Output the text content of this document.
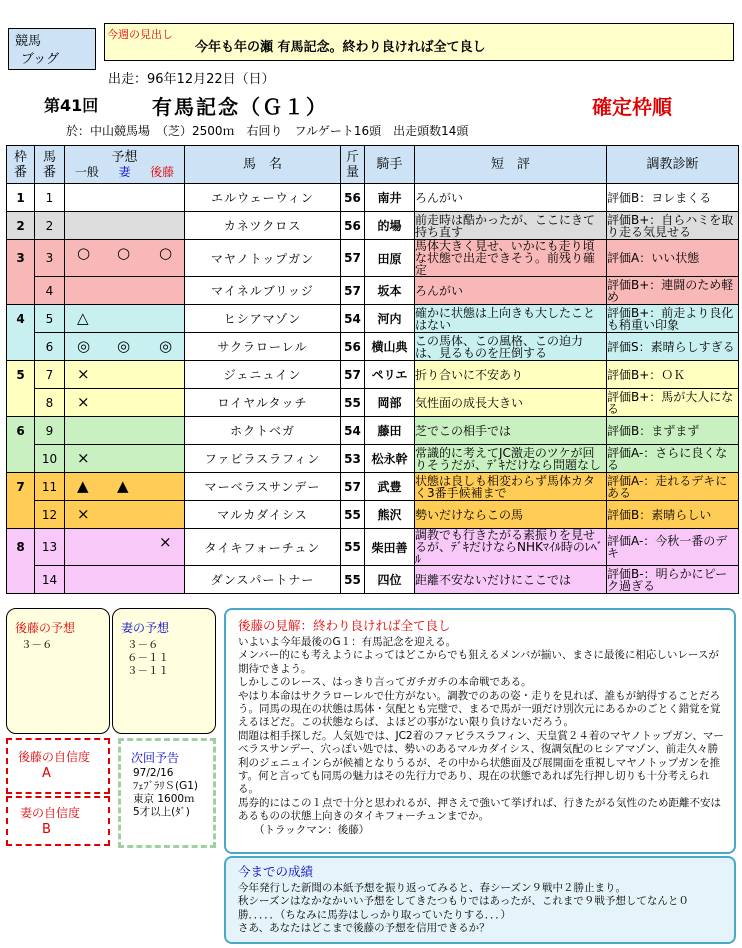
競馬
ブッグ
今週の見出し
今年も年の瀬 有馬記念。終わり良ければ全て良し
出走：96年12月22日（日）
第41回	有馬記念（Ｇ１）	確定枠順
於：中山競馬場　（芝）2500ｍ　右回り　フルゲート16頭　出走頭数14頭
枠番	馬番	予想
一般 妻 後藤	馬　名	斤量	騎手	短　評	調教診断
1	1		エルウェーウィン	56	南井	ろんがい	評価B：ヨレまくる
2	2		カネツクロス	56	的場	前走時は酷かったが、ここにきて持ち直す	評価B+：自らハミを取り走る気見せる
3	3	○ ○ ○	マヤノトップガン	57	田原	馬体大きく見せ、いかにも走り頃な状態で出走できそう。前残り確定	評価A：いい状態
	4		マイネルブリッジ	57	坂本	ろんがい	評価B+：連闘のため軽め
4	5	△	ヒシアマゾン	54	河内	確かに状態は上向きも大したことはない	評価B+：前走より良化も稍重い印象
	6	◎ ◎ ◎	サクラローレル	56	横山典	この馬体、この風格、この迫力は、見るものを圧倒する	評価S：素晴らしすぎる
5	7	×	ジェニュイン	57	ペリエ	折り合いに不安あり	評価B+：ＯＫ
	8	×	ロイヤルタッチ	55	岡部	気性面の成長大きい	評価B+：馬が大人になる
6	9		ホクトベガ	54	藤田	芝でこの相手では	評価B：まずまず
	10	×	ファビラスラフィン	53	松永幹	常識的に考えてJC激走のツケが回りそうだが、ﾃﾞｷだけなら問題なし	評価A-：さらに良くなる
7	11	▲ ▲	マーベラスサンデー	57	武豊	状態は良しも相変わらず馬体カタく3番手候補まで	評価A-：走れるデキにある
	12	×	マルカダイシス	55	熊沢	勢いだけならこの馬	評価B：素晴らしい
8	13	×	タイキフォーチュン	55	柴田善	調教でも行きたがる素振りを見せるが、ﾃﾞｷだけならNHKﾏｲﾙ時のﾚﾍﾞﾙ	評価A-：今秋一番のデキ
	14		ダンスパートナー	55	四位	距離不安ないだけにここでは	評価B-：明らかにピーク過ぎる
後藤の予想
３－６
妻の予想
３－６
６－１１
３－１１
後藤の自信度
A
妻の自信度
B
次回予告
97/2/16
ﾌｪﾌﾞﾗﾘＳ(G1)
東京 1600ｍ
5才以上(ﾀﾞ)
後藤の見解：終わり良ければ全て良し

いよいよ今年最後のG１：有馬記念を迎える。

メンバー的にも考えようによってはどこからでも狙えるメンバが揃い、まさに最後に相応しいレースが期待できよう。

しかしこのレース、はっきり言ってガチガチの本命戦である。

やはり本命はサクラローレルで仕方がない。調教でのあの姿・走りを見れば、誰もが納得することだろう。同馬の現在の状態は馬体・気配とも完璧で、まるで馬が一頭だけ別次元にあるかのごとく錯覚を覚えるほどだ。この状態ならば、よほどの事がない限り負けないだろう。

問題は相手探しだ。人気処では、JC2着のファビラスラフィン、天皇賞２４着のマヤノトップガン、マーベラスサンデー、穴っぽい処では、勢いのあるマルカダイシス、復調気配のヒシアマゾン、前走久々勝利のジェニュインらが候補となりうるが、その中から状態面及び展開面を重視しマヤノトップガンを推す。何と言っても同馬の魅力はその先行力であり、現在の状態であれば先行押し切りも十分考えられる。

馬券的にはこの１点で十分と思われるが、押さえで強いて挙げれば、行きたがる気性のため距離不安はあるものの状態上向きのタイキフォーチュンまでか。

（トラックマン：後藤）

今までの成績

今年発行した新聞の本紙予想を振り返ってみると、春シーズン９戦中２勝止まり。

秋シーズンはなかなかいい予想をしてきたつもりではあったが、これまで９戦予想してなんと０勝．．．．．（ちなみに馬券はしっかり取っていたりする．．．）

さあ、あなたはどこまで後藤の予想を信用できるか？
